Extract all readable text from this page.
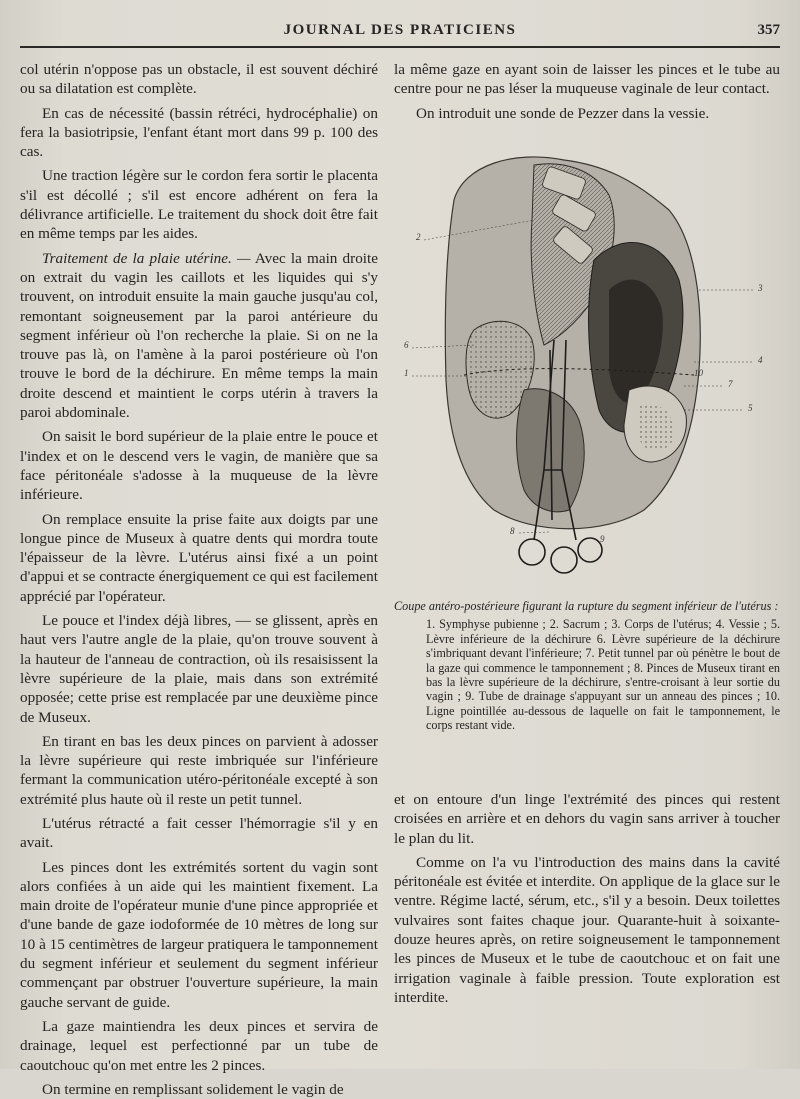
JOURNAL DES PRATICIENS	357

col utérin n'oppose pas un obstacle, il est souvent déchiré ou sa dilatation est complète.

En cas de nécessité (bassin rétréci, hydrocéphalie) on fera la basiotripsie, l'enfant étant mort dans 99 p. 100 des cas.

Une traction légère sur le cordon fera sortir le placenta s'il est décollé ; s'il est encore adhérent on fera la délivrance artificielle. Le traitement du shock doit être fait en même temps par les aides.

Traitement de la plaie utérine. — Avec la main droite on extrait du vagin les caillots et les liquides qui s'y trouvent, on introduit ensuite la main gauche jusqu'au col, remontant soigneusement par la paroi antérieure du segment inférieur où l'on recherche la plaie. Si on ne la trouve pas là, on l'amène à la paroi postérieure où l'on trouve le bord de la déchirure. En même temps la main droite descend et maintient le corps utérin à travers la paroi abdominale.

On saisit le bord supérieur de la plaie entre le pouce et l'index et on le descend vers le vagin, de manière que sa face péritonéale s'adosse à la muqueuse de la lèvre inférieure.

On remplace ensuite la prise faite aux doigts par une longue pince de Museux à quatre dents qui mordra toute l'épaisseur de la lèvre. L'utérus ainsi fixé a un point d'appui et se contracte énergiquement ce qui est facilement apprécié par l'opérateur.

Le pouce et l'index déjà libres, — se glissent, après en haut vers l'autre angle de la plaie, qu'on trouve souvent à la hauteur de l'anneau de contraction, où ils resaisissent la lèvre supérieure de la plaie, mais dans son extrémité opposée; cette prise est remplacée par une deuxième pince de Museux.

En tirant en bas les deux pinces on parvient à adosser la lèvre supérieure qui reste imbriquée sur l'inférieure fermant la communication utéro-péritonéale excepté à son extrémité plus haute où il reste un petit tunnel.

L'utérus rétracté a fait cesser l'hémorragie s'il y en avait.

Les pinces dont les extrémités sortent du vagin sont alors confiées à un aide qui les maintient fixement. La main droite de l'opérateur munie d'une pince appropriée et d'une bande de gaze iodoformée de 10 mètres de long sur 10 à 15 centimètres de largeur pratiquera le tamponnement du segment inférieur et seulement du segment inférieur commençant par obstruer l'ouverture supérieure, la main gauche servant de guide.

La gaze maintiendra les deux pinces et servira de drainage, lequel est perfectionné par un tube de caoutchouc qu'on met entre les 2 pinces.

On termine en remplissant solidement le vagin de

la même gaze en ayant soin de laisser les pinces et le tube au centre pour ne pas léser la muqueuse vaginale de leur contact.

On introduit une sonde de Pezzer dans la vessie.

2
6
1
3
4
7
5
8
9
10
Coupe antéro-postérieure figurant la rupture du segment inférieur de l'utérus :
1. Symphyse pubienne ; 2. Sacrum ; 3. Corps de l'utérus; 4. Vessie ; 5. Lèvre inférieure de la déchirure 6. Lèvre supérieure de la déchirure s'imbriquant devant l'inférieure; 7. Petit tunnel par où pénètre le bout de la gaze qui commence le tamponnement ; 8. Pinces de Museux tirant en bas la lèvre supérieure de la déchirure, s'entre-croisant à leur sortie du vagin ; 9. Tube de drainage s'appuyant sur un anneau des pinces ; 10. Ligne pointillée au-dessous de laquelle on fait le tamponnement, le corps restant vide.

et on entoure d'un linge l'extrémité des pinces qui restent croisées en arrière et en dehors du vagin sans arriver à toucher le plan du lit.

Comme on l'a vu l'introduction des mains dans la cavité péritonéale est évitée et interdite. On applique de la glace sur le ventre. Régime lacté, sérum, etc., s'il y a besoin. Deux toilettes vulvaires sont faites chaque jour. Quarante-huit à soixante-douze heures après, on retire soigneusement le tamponnement les pinces de Museux et le tube de caoutchouc et on fait une irrigation vaginale à faible pression. Toute exploration est interdite.
